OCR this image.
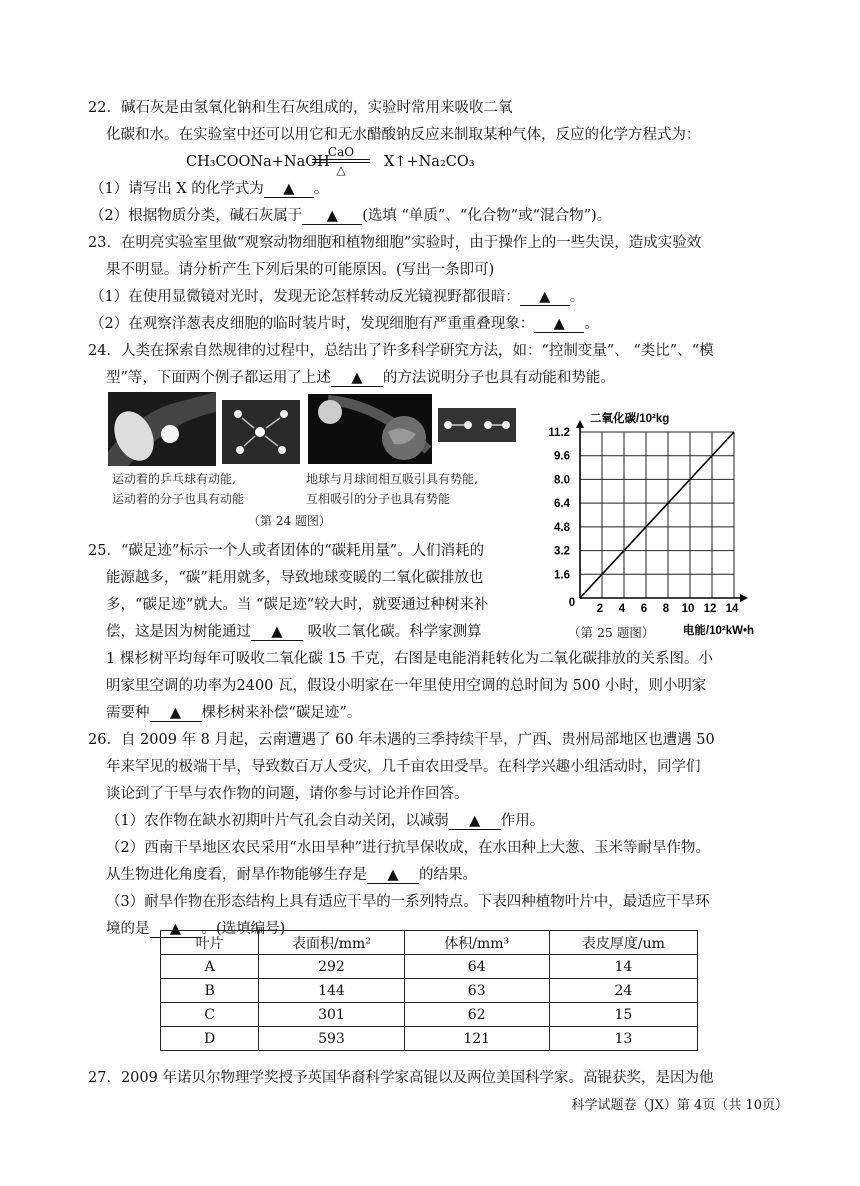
22．碱石灰是由氢氧化钠和生石灰组成的，实验时常用来吸收二氧
化碳和水。在实验室中还可以用它和无水醋酸钠反应来制取某种气体，反应的化学方程式为：
CH₃COONa+NaOH
CaO
△	X↑+Na₂CO₃
（1）请写出 X 的化学式为 ▲ 。
（2）根据物质分类，碱石灰属于 ▲ (选填 “单质”、“化合物”或“混合物”)。
23．在明亮实验室里做“观察动物细胞和植物细胞”实验时，由于操作上的一些失误，造成实验效
果不明显。请分析产生下列后果的可能原因。(写出一条即可)
（1）在使用显微镜对光时，发现无论怎样转动反光镜视野都很暗： ▲ 。
（2）在观察洋葱表皮细胞的临时装片时，发现细胞有严重重叠现象： ▲ 。
24．人类在探索自然规律的过程中，总结出了许多科学研究方法，如：“控制变量”、 “类比”、“模
型”等，下面两个例子都运用了上述 ▲ 的方法说明分子也具有动能和势能。
运动着的乒乓球有动能,
运动着的分子也具有动能
地球与月球间相互吸引具有势能,
互相吸引的分子也具有势能
（第 24 题图）
1.6
3.2
4.8
6.4
8.0
9.6
11.2
0 2 4 6 8 10 12 14
二氧化碳/10²kg
电能/10²kW•h
25．“碳足迹”标示一个人或者团体的“碳耗用量”。人们消耗的
能源越多，“碳”耗用就多，导致地球变暖的二氧化碳排放也
多，“碳足迹”就大。当 “碳足迹”较大时，就要通过种树来补
偿，这是因为树能通过 ▲ 吸收二氧化碳。科学家测算	（第 25 题图）
1 棵杉树平均每年可吸收二氧化碳 15 千克，右图是电能消耗转化为二氧化碳排放的关系图。小
明家里空调的功率为2400 瓦，假设小明家在一年里使用空调的总时间为 500 小时，则小明家
需要种 ▲ 棵杉树来补偿“碳足迹”。
26．自 2009 年 8 月起，云南遭遇了 60 年未遇的三季持续干旱，广西、贵州局部地区也遭遇 50
年来罕见的极端干旱，导致数百万人受灾，几千亩农田受旱。在科学兴趣小组活动时，同学们
谈论到了干旱与农作物的问题，请你参与讨论并作回答。
（1）农作物在缺水初期叶片气孔会自动关闭，以减弱 ▲ 作用。
（2）西南干旱地区农民采用“水田旱种”进行抗旱保收成，在水田种上大葱、玉米等耐旱作物。
从生物进化角度看，耐旱作物能够生存是 ▲ 的结果。
（3）耐旱作物在形态结构上具有适应干旱的一系列特点。下表四种植物叶片中，最适应干旱环
境的是 ▲ 。(选填编号)
叶片	表面积/mm²	体积/mm³	表皮厚度/um
A	292	64	14
B	144	63	24
C	301	62	15
D	593	121	13
27．2009 年诺贝尔物理学奖授予英国华裔科学家高锟以及两位美国科学家。高锟获奖，是因为他
科学试题卷（JX）第 4页（共 10页）
